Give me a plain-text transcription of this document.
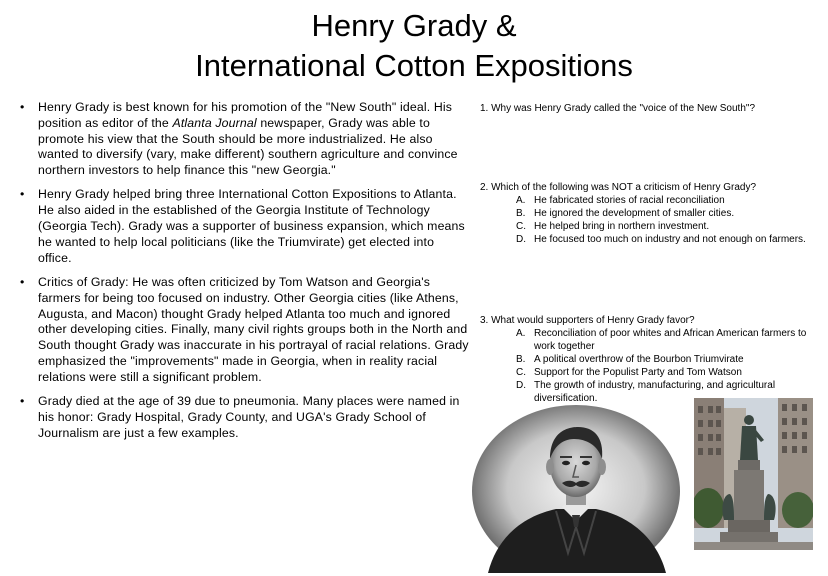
Henry Grady &
International Cotton Expositions
• Henry Grady is best known for his promotion of the "New South" ideal. His position as editor of the Atlanta Journal newspaper, Grady was able to promote his view that the South should be more industrialized. He also wanted to diversify (vary, make different) southern agriculture and convince northern investors to help finance this "new Georgia."
• Henry Grady helped bring three International Cotton Expositions to Atlanta. He also aided in the established of the Georgia Institute of Technology (Georgia Tech). Grady was a supporter of business expansion, which means he wanted to help local politicians (like the Triumvirate) get elected into office.
• Critics of Grady: He was often criticized by Tom Watson and Georgia's farmers for being too focused on industry. Other Georgia cities (like Athens, Augusta, and Macon) thought Grady helped Atlanta too much and ignored other developing cities. Finally, many civil rights groups both in the North and South thought Grady was inaccurate in his portrayal of racial relations. Grady emphasized the "improvements" made in Georgia, when in reality racial relations were still a significant problem.
• Grady died at the age of 39 due to pneumonia. Many places were named in his honor: Grady Hospital, Grady County, and UGA's Grady School of Journalism are just a few examples.
1. Why was Henry Grady called the "voice of the New South"?
2. Which of the following was NOT a criticism of Henry Grady?
A. He fabricated stories of racial reconciliation
B. He ignored the development of smaller cities.
C. He helped bring in northern investment.
D. He focused too much on industry and not enough on farmers.
3. What would supporters of Henry Grady favor?
A. Reconciliation of poor whites and African American farmers to work together
B. A political overthrow of the Bourbon Triumvirate
C. Support for the Populist Party and Tom Watson
D. The growth of industry, manufacturing, and agricultural diversification.
